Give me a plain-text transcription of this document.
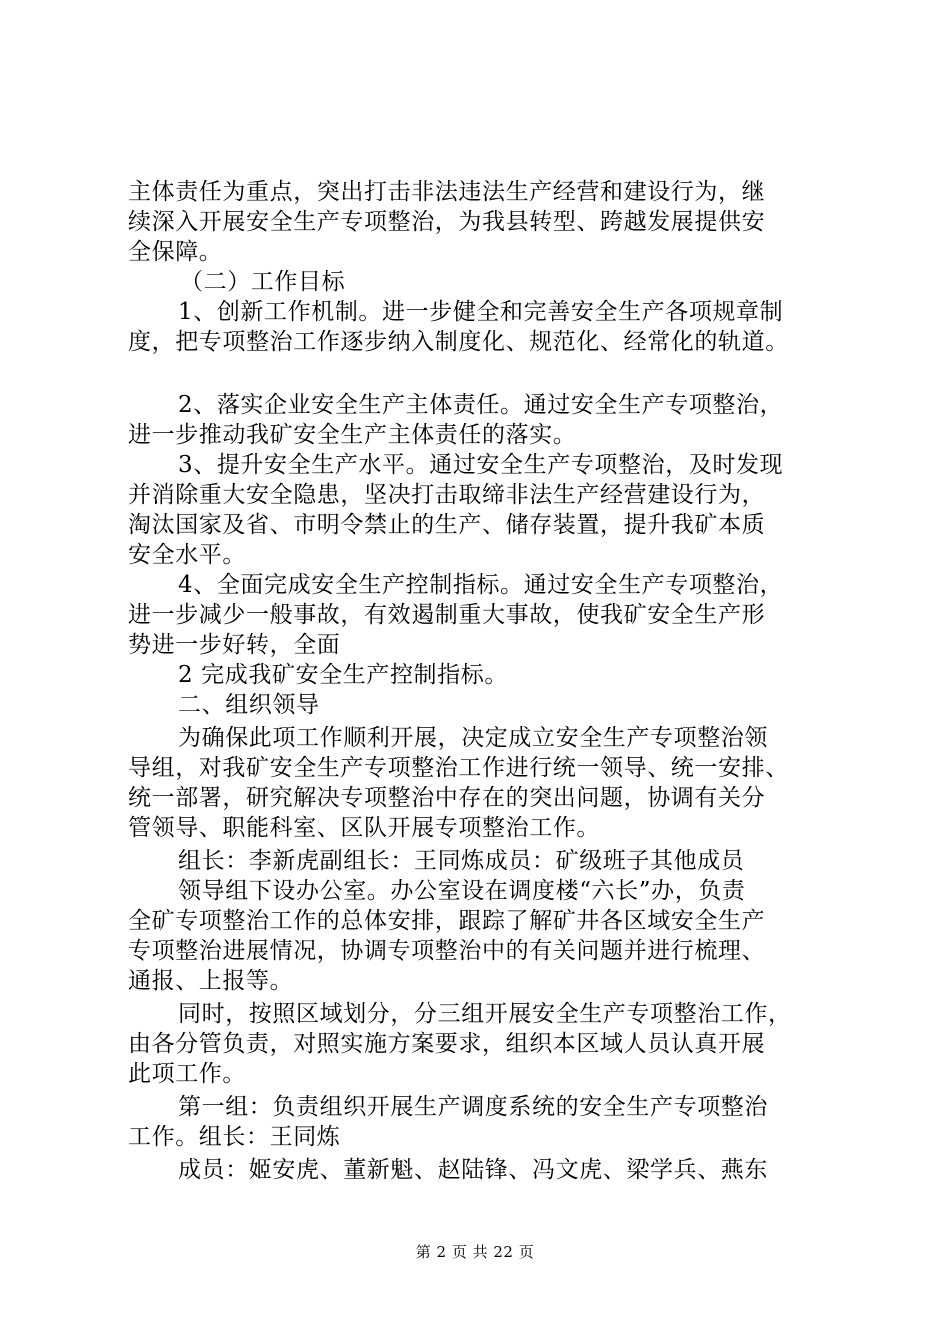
主体责任为重点，突出打击非法违法生产经营和建设行为，继
续深入开展安全生产专项整治，为我县转型、跨越发展提供安
全保障。
（二）工作目标
1、创新工作机制。进一步健全和完善安全生产各项规章制
度，把专项整治工作逐步纳入制度化、规范化、经常化的轨道。
2、落实企业安全生产主体责任。通过安全生产专项整治，
进一步推动我矿安全生产主体责任的落实。
3、提升安全生产水平。通过安全生产专项整治，及时发现
并消除重大安全隐患，坚决打击取缔非法生产经营建设行为，
淘汰国家及省、市明令禁止的生产、储存装置，提升我矿本质
安全水平。
4、全面完成安全生产控制指标。通过安全生产专项整治，
进一步减少一般事故，有效遏制重大事故，使我矿安全生产形
势进一步好转，全面
2 完成我矿安全生产控制指标。
二、组织领导
为确保此项工作顺利开展，决定成立安全生产专项整治领
导组，对我矿安全生产专项整治工作进行统一领导、统一安排、
统一部署，研究解决专项整治中存在的突出问题，协调有关分
管领导、职能科室、区队开展专项整治工作。
组长：李新虎副组长：王同炼成员：矿级班子其他成员
领导组下设办公室。办公室设在调度楼“六长”办，负责
全矿专项整治工作的总体安排，跟踪了解矿井各区域安全生产
专项整治进展情况，协调专项整治中的有关问题并进行梳理、
通报、上报等。
同时，按照区域划分，分三组开展安全生产专项整治工作，
由各分管负责，对照实施方案要求，组织本区域人员认真开展
此项工作。
第一组：负责组织开展生产调度系统的安全生产专项整治
工作。组长：王同炼
成员：姬安虎、董新魁、赵陆锋、冯文虎、梁学兵、燕东
第 2 页 共 22 页
